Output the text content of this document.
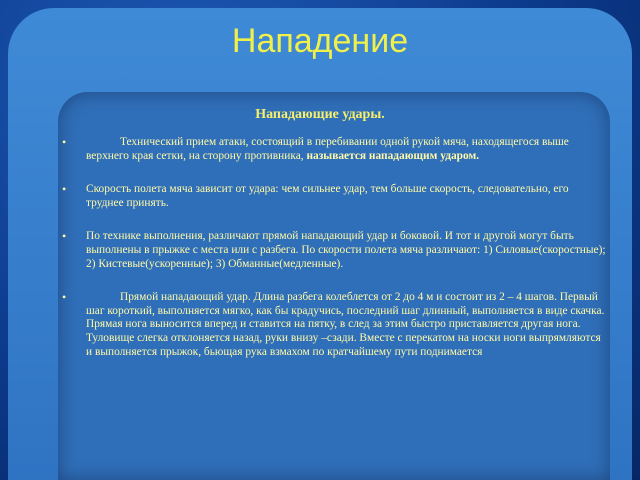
Нападение
Нападающие удары.
•	Технический прием атаки, состоящий в перебивании одной рукой мяча, находящегося выше верхнего края сетки, на сторону противника, называется нападающим ударом.
• Скорость полета мяча зависит от удара: чем сильнее удар, тем больше скорость, следовательно, его труднее принять.
• По технике выполнения, различают прямой нападающий удар и боковой. И тот и другой могут быть выполнены в прыжке с места или с разбега. По скорости полета мяча различают: 1) Силовые(скоростные); 2) Кистевые(ускоренные); 3) Обманные(медленные).
•	Прямой нападающий удар. Длина разбега колеблется от 2 до 4 м и состоит из 2 – 4 шагов. Первый шаг короткий, выполняется мягко, как бы крадучись, последний шаг длинный, выполняется в виде скачка. Прямая нога выносится вперед и ставится на пятку, в след за этим быстро приставляется другая нога. Туловище слегка отклоняется назад, руки внизу –сзади. Вместе с перекатом на носки ноги выпрямляются и выполняется прыжок, бьющая рука взмахом по кратчайшему пути поднимается
